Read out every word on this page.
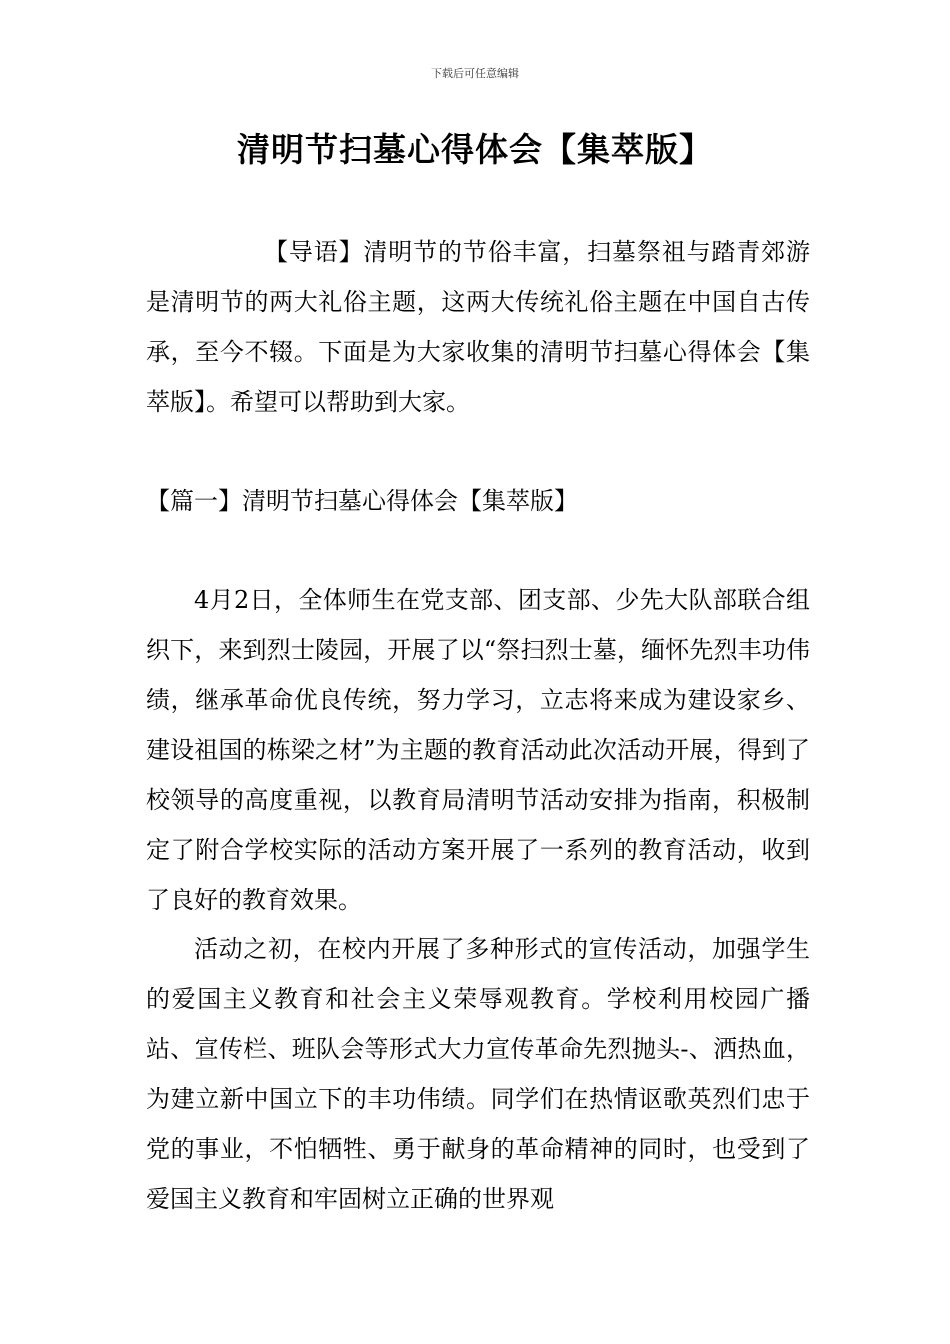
下载后可任意编辑
清明节扫墓心得体会【集萃版】

【导语】清明节的节俗丰富，扫墓祭祖与踏青郊游是清明节的两大礼俗主题，这两大传统礼俗主题在中国自古传承，至今不辍。下面是为大家收集的清明节扫墓心得体会【集萃版】。希望可以帮助到大家。

【篇一】清明节扫墓心得体会【集萃版】

4月2日，全体师生在党支部、团支部、少先大队部联合组织下，来到烈士陵园，开展了以“祭扫烈士墓，缅怀先烈丰功伟绩，继承革命优良传统，努力学习，立志将来成为建设家乡、建设祖国的栋梁之材”为主题的教育活动此次活动开展，得到了校领导的高度重视，以教育局清明节活动安排为指南，积极制定了附合学校实际的活动方案开展了一系列的教育活动，收到了良好的教育效果。

活动之初，在校内开展了多种形式的宣传活动，加强学生的爱国主义教育和社会主义荣辱观教育。学校利用校园广播站、宣传栏、班队会等形式大力宣传革命先烈抛头-、洒热血，为建立新中国立下的丰功伟绩。同学们在热情讴歌英烈们忠于党的事业，不怕牺牲、勇于献身的革命精神的同时，也受到了爱国主义教育和牢固树立正确的世界观
